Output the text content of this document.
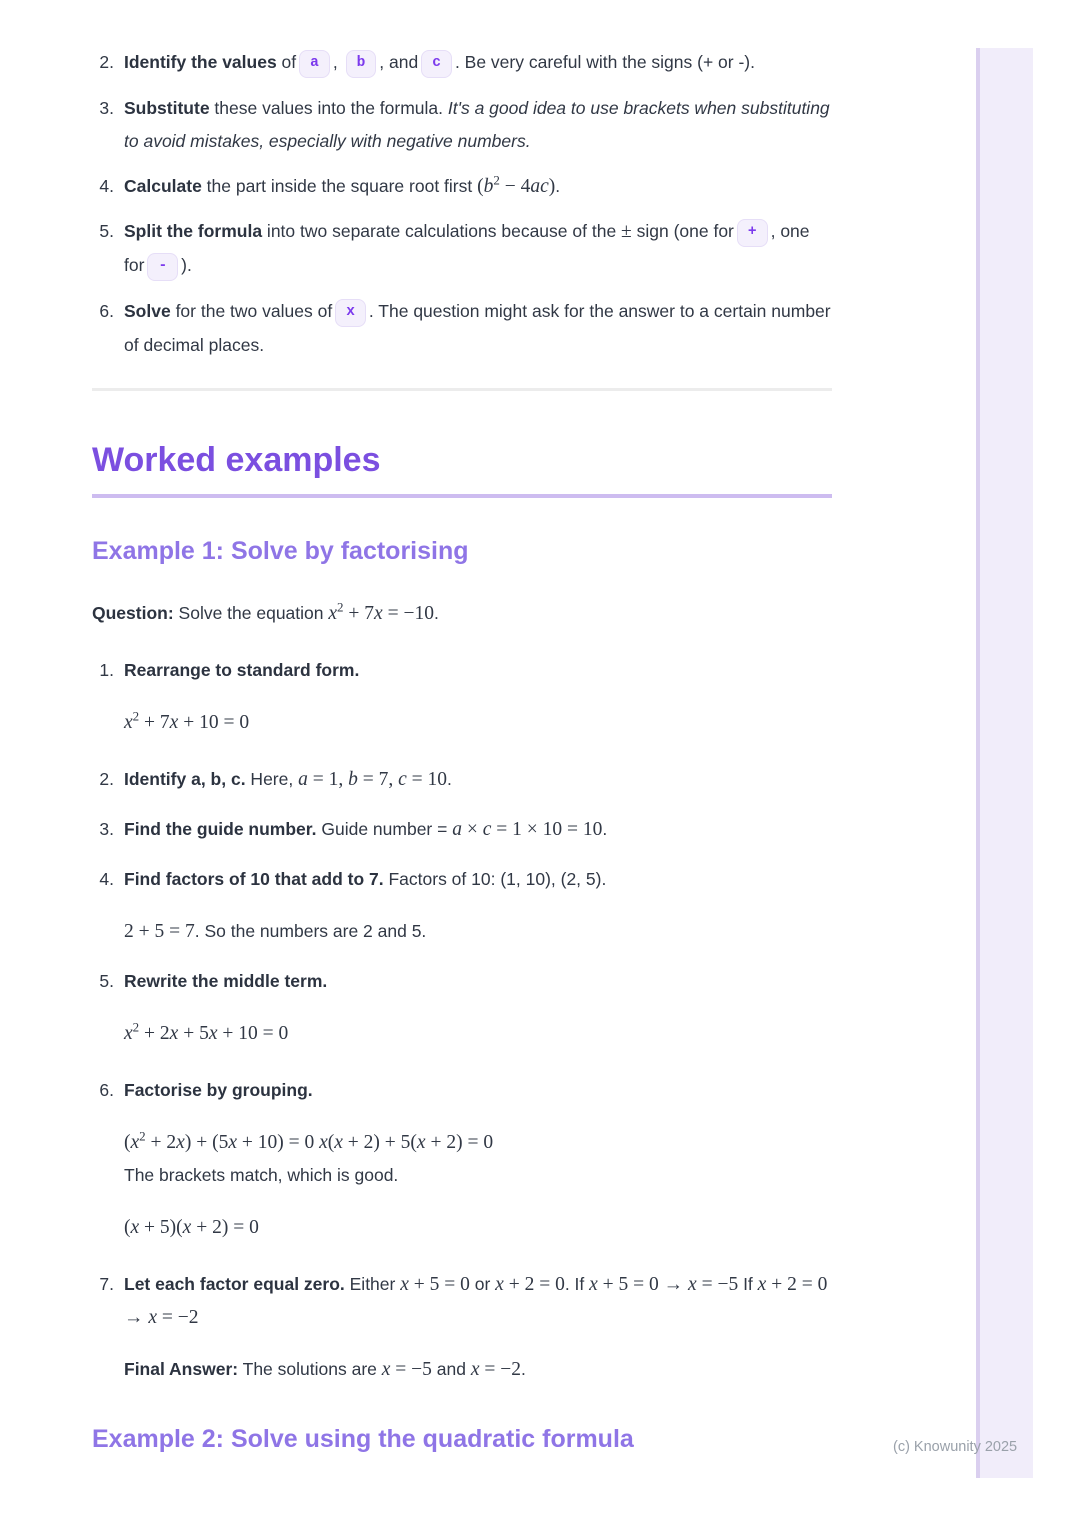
2. Identify the values of a , b , and c . Be very careful with the signs (+ or -).
3. Substitute these values into the formula. It's a good idea to use brackets when substituting to avoid mistakes, especially with negative numbers.
4. Calculate the part inside the square root first $(b^2 - 4ac)$.
5. Split the formula into two separate calculations because of the ± sign (one for + , one for - ).
6. Solve for the two values of x . The question might ask for the answer to a certain number of decimal places.
Worked examples
Example 1: Solve by factorising

Question: Solve the equation $x^2 + 7x = -10$.

1. Rearrange to standard form.
$x^2 + 7x + 10 = 0$
2. Identify a, b, c. Here, a = 1, b = 7, c = 10.
3. Find the guide number. Guide number = a × c = 1 × 10 = 10.
4. Find factors of 10 that add to 7. Factors of 10: (1, 10), (2, 5).
2 + 5 = 7. So the numbers are 2 and 5.
5. Rewrite the middle term.
$x^2 + 2x + 5x + 10 = 0$
6. Factorise by grouping.
$(x^2 + 2x) + (5x + 10) = 0$ x(x + 2) + 5(x + 2) = 0
The brackets match, which is good.
(x + 5)(x + 2) = 0
7. Let each factor equal zero. Either x + 5 = 0 or x + 2 = 0. If x + 5 = 0 → x = −5 If x + 2 = 0 → x = −2
Final Answer: The solutions are x = −5 and x = −2.
Example 2: Solve using the quadratic formula	(c) Knowunity 2025
